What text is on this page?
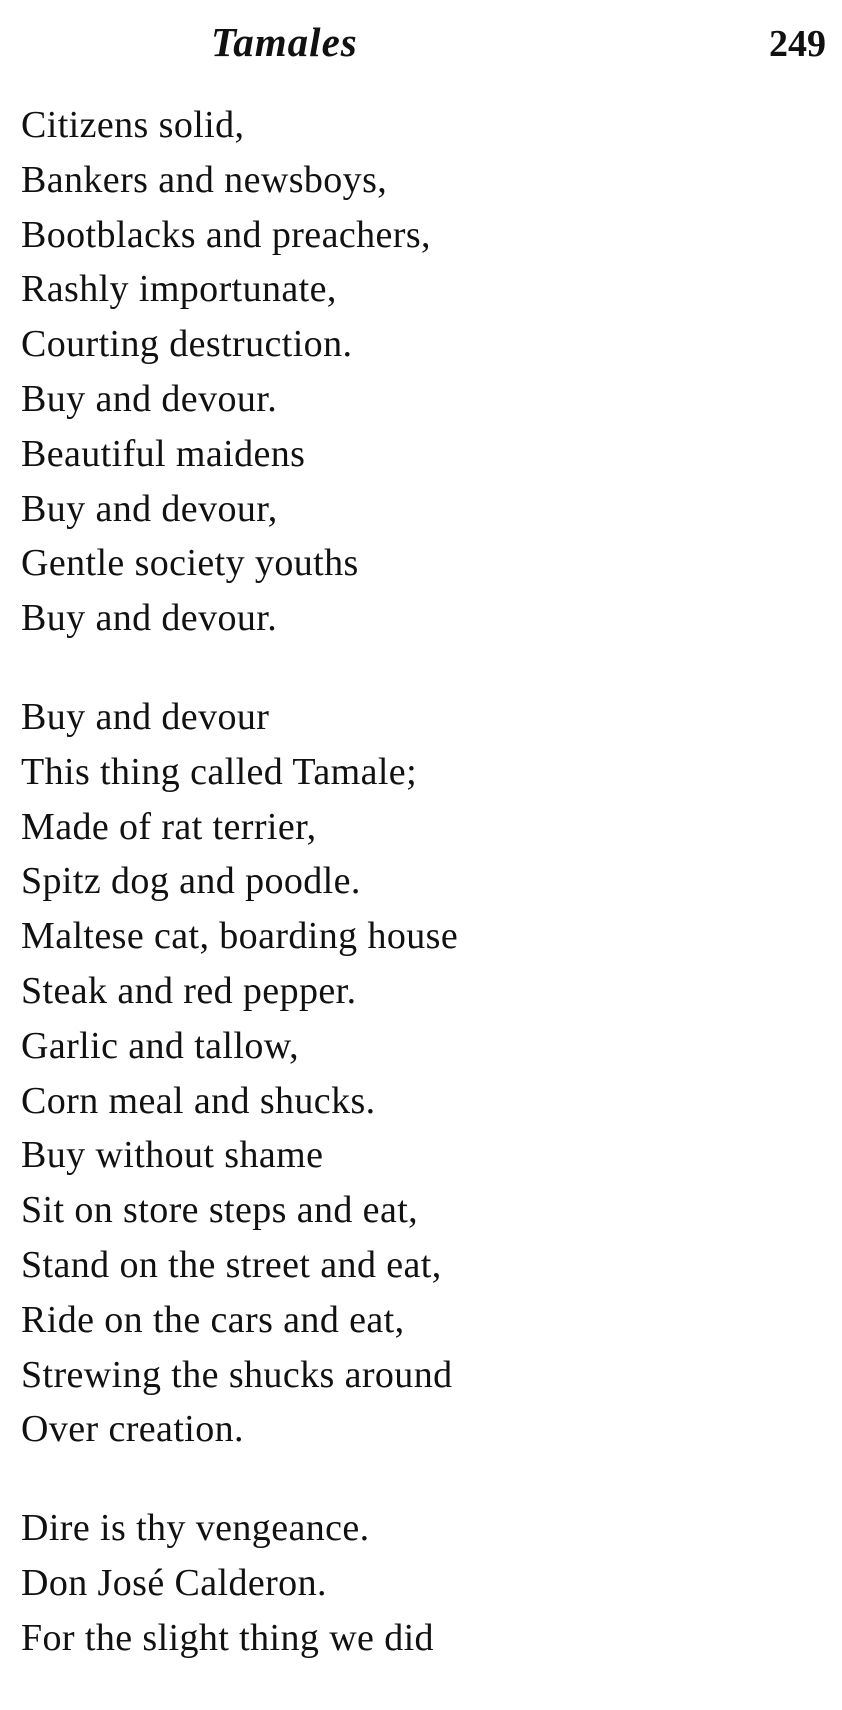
Tamales	249
Citizens solid,
Bankers and newsboys,
Bootblacks and preachers,
Rashly importunate,
Courting destruction.
Buy and devour.
Beautiful maidens
Buy and devour,
Gentle society youths
Buy and devour.
Buy and devour
This thing called Tamale;
Made of rat terrier,
Spitz dog and poodle.
Maltese cat, boarding house
Steak and red pepper.
Garlic and tallow,
Corn meal and shucks.
Buy without shame
Sit on store steps and eat,
Stand on the street and eat,
Ride on the cars and eat,
Strewing the shucks around
Over creation.
Dire is thy vengeance.
Don José Calderon.
For the slight thing we did
